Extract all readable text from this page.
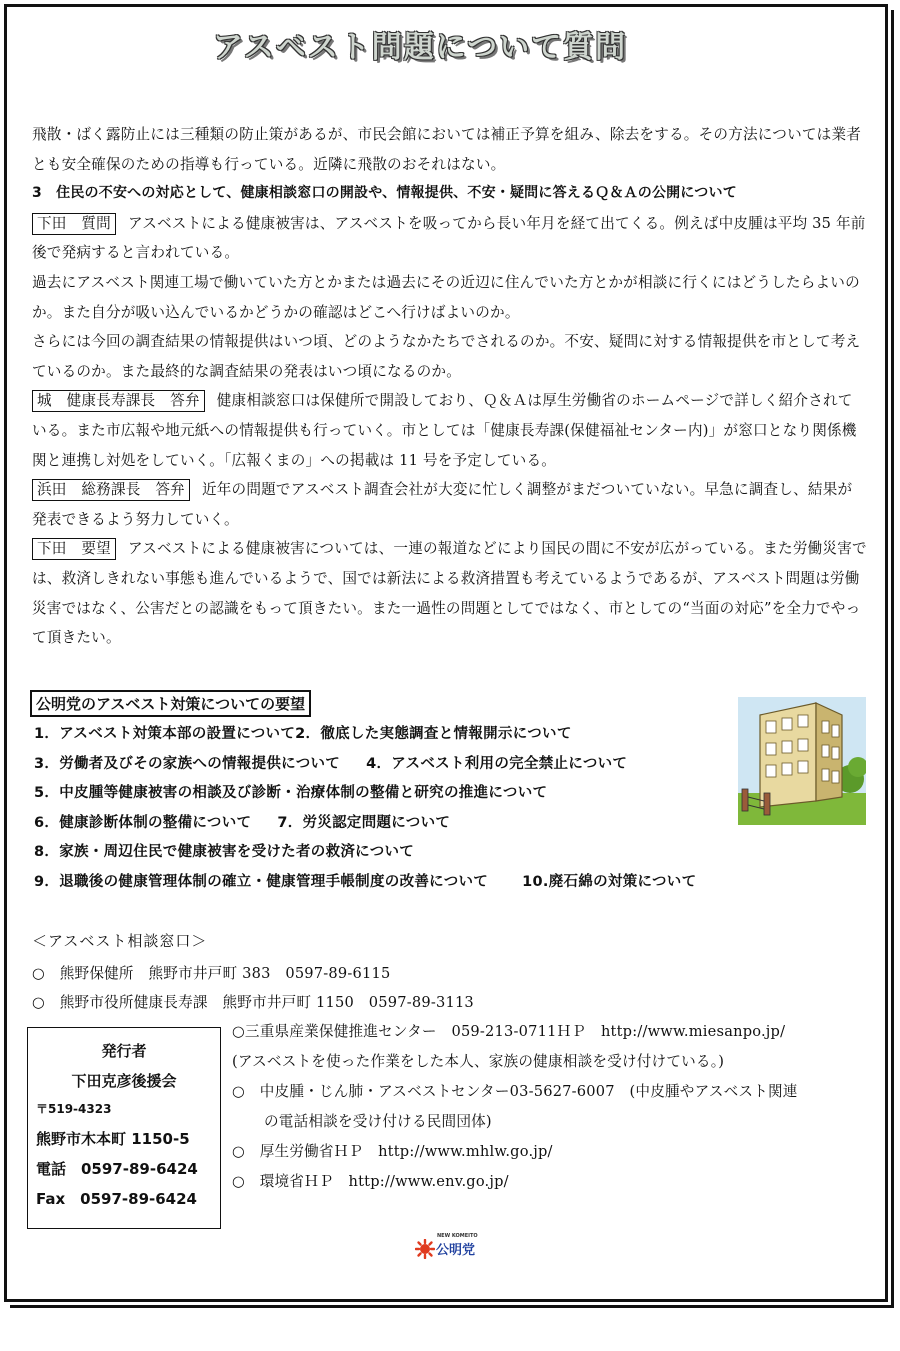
アスベスト問題について質問

飛散・ばく露防止には三種類の防止策があるが、市民会館においては補正予算を組み、除去をする。その方法については業者とも安全確保のための指導も行っている。近隣に飛散のおそれはない。

3　住民の不安への対応として、健康相談窓口の開設や、情報提供、不安・疑問に答えるＱ＆Ａの公開について

下田　質問 アスベストによる健康被害は、アスベストを吸ってから長い年月を経て出てくる。例えば中皮腫は平均 35 年前後で発病すると言われている。

過去にアスベスト関連工場で働いていた方とかまたは過去にその近辺に住んでいた方とかが相談に行くにはどうしたらよいのか。また自分が吸い込んでいるかどうかの確認はどこへ行けばよいのか。

さらには今回の調査結果の情報提供はいつ頃、どのようなかたちでされるのか。不安、疑問に対する情報提供を市として考えているのか。また最終的な調査結果の発表はいつ頃になるのか。

城　健康長寿課長　答弁 健康相談窓口は保健所で開設しており、Ｑ＆Ａは厚生労働省のホームページで詳しく紹介されている。また市広報や地元紙への情報提供も行っていく。市としては「健康長寿課(保健福祉センター内)」が窓口となり関係機関と連携し対処をしていく。「広報くまの」への掲載は 11 号を予定している。

浜田　総務課長　答弁 近年の問題でアスベスト調査会社が大変に忙しく調整がまだついていない。早急に調査し、結果が発表できるよう努力していく。

下田　要望 アスベストによる健康被害については、一連の報道などにより国民の間に不安が広がっている。また労働災害では、救済しきれない事態も進んでいるようで、国では新法による救済措置も考えているようであるが、アスベスト問題は労働災害ではなく、公害だとの認識をもって頂きたい。また一過性の問題としてではなく、市としての“当面の対応”を全力でやって頂きたい。

公明党のアスベスト対策についての要望
1．アスベスト対策本部の設置について2．徹底した実態調査と情報開示について
3．労働者及びその家族への情報提供について 4．アスベスト利用の完全禁止について
5．中皮腫等健康被害の相談及び診断・治療体制の整備と研究の推進について
6．健康診断体制の整備について 7．労災認定問題について
8．家族・周辺住民で健康被害を受けた者の救済について
9．退職後の健康管理体制の確立・健康管理手帳制度の改善について 10.廃石綿の対策について
＜アスベスト相談窓口＞
○　熊野保健所　熊野市井戸町 383　0597-89-6115
○　熊野市役所健康長寿課　熊野市井戸町 1150　0597-89-3113
発行者
下田克彦後援会
〒519-4323
熊野市木本町 1150-5
電話　0597-89-6424
Fax　0597-89-6424

○三重県産業保健推進センター　059-213-0711ＨＰ　http://www.miesanpo.jp/

(アスベストを使った作業をした本人、家族の健康相談を受け付けている。)

○　中皮腫・じん肺・アスベストセンター03-5627-6007　(中皮腫やアスベスト関連

の電話相談を受け付ける民間団体)

○　厚生労働省ＨＰ　http://www.mhlw.go.jp/

○　環境省ＨＰ　http://www.env.go.jp/

NEW KOMEITO
公明党
